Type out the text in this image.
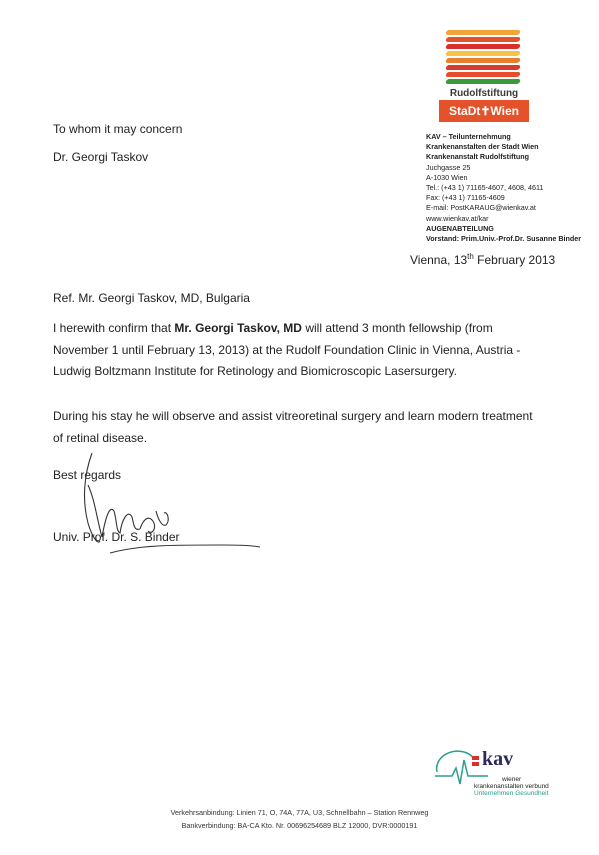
Rudolfstiftung
StaDt✝Wien
KAV – Teilunternehmung
Krankenanstalten der Stadt Wien
Krankenanstalt Rudolfstiftung
Juchgasse 25
A-1030 Wien
Tel.: (+43 1) 71165-4607, 4608, 4611
Fax: (+43 1) 71165-4609
E-mail: PostKARAUG@wienkav.at
www.wienkav.at/kar
AUGENABTEILUNG
Vorstand: Prim.Univ.-Prof.Dr. Susanne Binder
To whom it may concern
Dr. Georgi Taskov
Vienna, 13th February 2013
Ref. Mr. Georgi Taskov, MD, Bulgaria
I herewith confirm that Mr. Georgi Taskov, MD will attend 3 month fellowship (from November 1 until February 13, 2013) at the Rudolf Foundation Clinic in Vienna, Austria - Ludwig Boltzmann Institute for Retinology and Biomicroscopic Lasersurgery.
During his stay he will observe and assist vitreoretinal surgery and learn modern treatment of retinal disease.
Best regards
Univ. Prof. Dr. S. Binder
kav
wiener
krankenanstalten verbund
Unternehmen Gesundheit
Verkehrsanbindung: Linien 71, O, 74A, 77A, U3, Schnellbahn – Station Rennweg
Bankverbindung: BA-CA Kto. Nr. 00696254689 BLZ 12000, DVR:0000191
